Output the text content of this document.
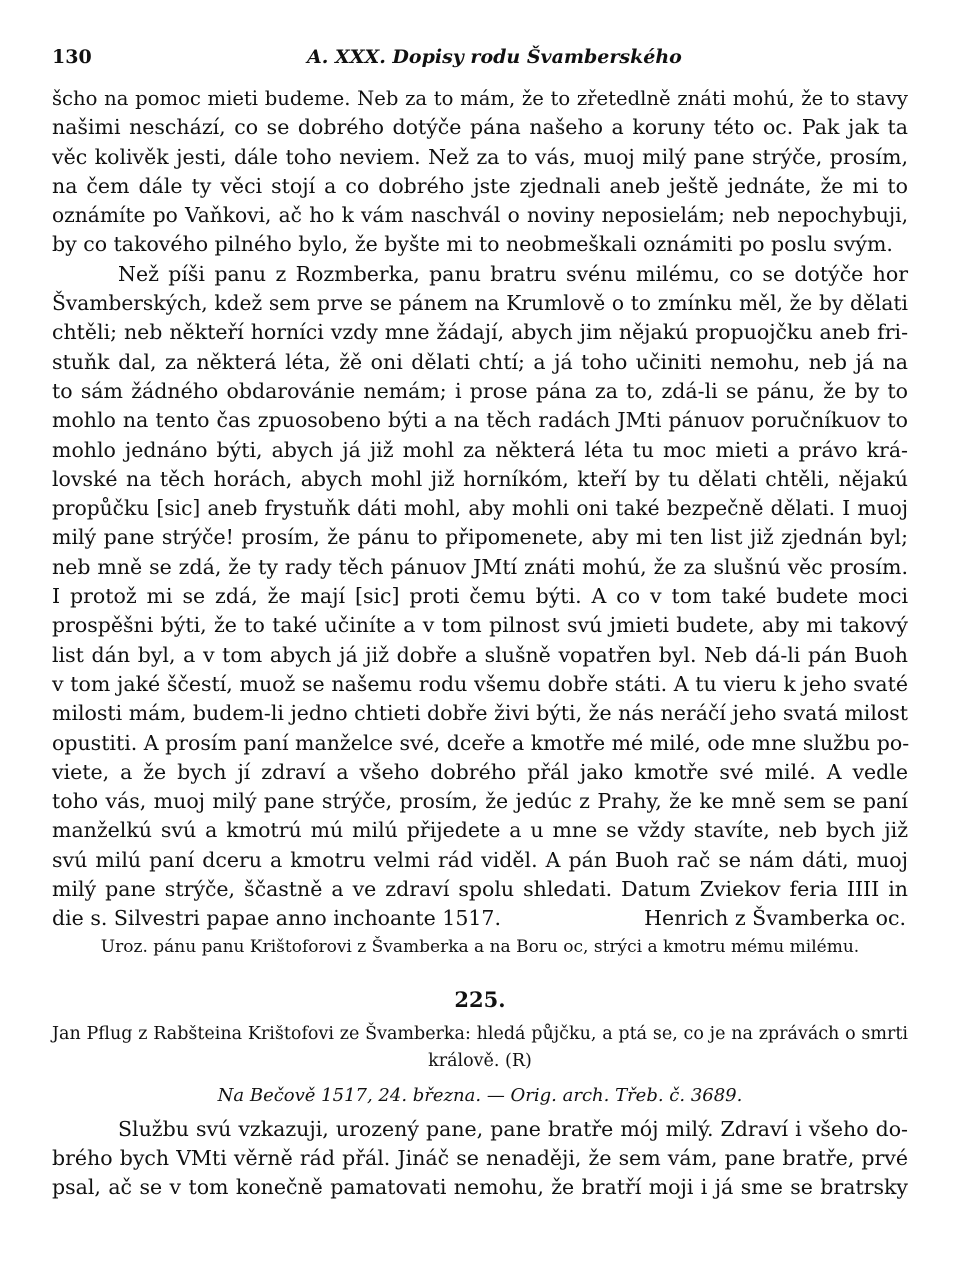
130	A. XXX. Dopisy rodu Švamberského
šcho na pomoc mieti budeme. Neb za to mám, že to zřetedlně znáti mohú, že to stavy
našimi neschází, co se dobrého dotýče pána našeho a koruny této oc. Pak jak ta
věc kolivěk jesti, dále toho neviem. Než za to vás, muoj milý pane strýče, prosím,
na čem dále ty věci stojí a co dobrého jste zjednali aneb ještě jednáte, že mi to
oznámíte po Vaňkovi, ač ho k vám naschvál o noviny neposielám; neb nepochybuji,
by co takového pilného bylo, že byšte mi to neobmeškali oznámiti po poslu svým.
Než píši panu z Rozmberka, panu bratru svénu milému, co se dotýče hor
Švamberských, kdež sem prve se pánem na Krumlově o to zmínku měl, že by dělati
chtěli; neb někteří horníci vzdy mne žádají, abych jim nějakú propuojčku aneb fri-
stuňk dal, za některá léta, žě oni dělati chtí; a já toho učiniti nemohu, neb já na
to sám žádného obdarovánie nemám; i prose pána za to, zdá-li se pánu, že by to
mohlo na tento čas zpuosobeno býti a na těch radách JMti pánuov poručníkuov to
mohlo jednáno býti, abych já již mohl za některá léta tu moc mieti a právo krá-
lovské na těch horách, abych mohl již horníkóm, kteří by tu dělati chtěli, nějakú
propůčku [sic] aneb frystuňk dáti mohl, aby mohli oni také bezpečně dělati. I muoj
milý pane strýče! prosím, že pánu to připomenete, aby mi ten list již zjednán byl;
neb mně se zdá, že ty rady těch pánuov JMtí znáti mohú, že za slušnú věc prosím.
I protož mi se zdá, že mají [sic] proti čemu býti. A co v tom také budete moci
prospěšni býti, že to také učiníte a v tom pilnost svú jmieti budete, aby mi takový
list dán byl, a v tom abych já již dobře a slušně vopatřen byl. Neb dá-li pán Buoh
v tom jaké ščestí, muož se našemu rodu všemu dobře státi. A tu vieru k jeho svaté
milosti mám, budem-li jedno chtieti dobře živi býti, že nás neráčí jeho svatá milost
opustiti. A prosím paní manželce své, dceře a kmotře mé milé, ode mne službu po-
viete, a že bych jí zdraví a všeho dobrého přál jako kmotře své milé. A vedle
toho vás, muoj milý pane strýče, prosím, že jedúc z Prahy, že ke mně sem se paní
manželkú svú a kmotrú mú milú přijedete a u mne se vždy stavíte, neb bych již
svú milú paní dceru a kmotru velmi rád viděl. A pán Buoh rač se nám dáti, muoj
milý pane strýče, ščastně a ve zdraví spolu shledati. Datum Zviekov feria IIII in
die s. Silvestri papae anno inchoante 1517.	Henrich z Švamberka oc.
Uroz. pánu panu Krištoforovi z Švamberka a na Boru oc, strýci a kmotru mému milému.
225.
Jan Pflug z Rabšteina Krištofovi ze Švamberka: hledá půjčku, a ptá se, co je na zprávách o smrti
králově. (R)
Na Bečově 1517, 24. března. — Orig. arch. Třeb. č. 3689.
Službu svú vzkazuji, urozený pane, pane bratře mój milý. Zdraví i všeho do-
brého bych VMti věrně rád přál. Jináč se nenaději, že sem vám, pane bratře, prvé
psal, ač se v tom konečně pamatovati nemohu, že bratří moji i já sme se bratrsky
